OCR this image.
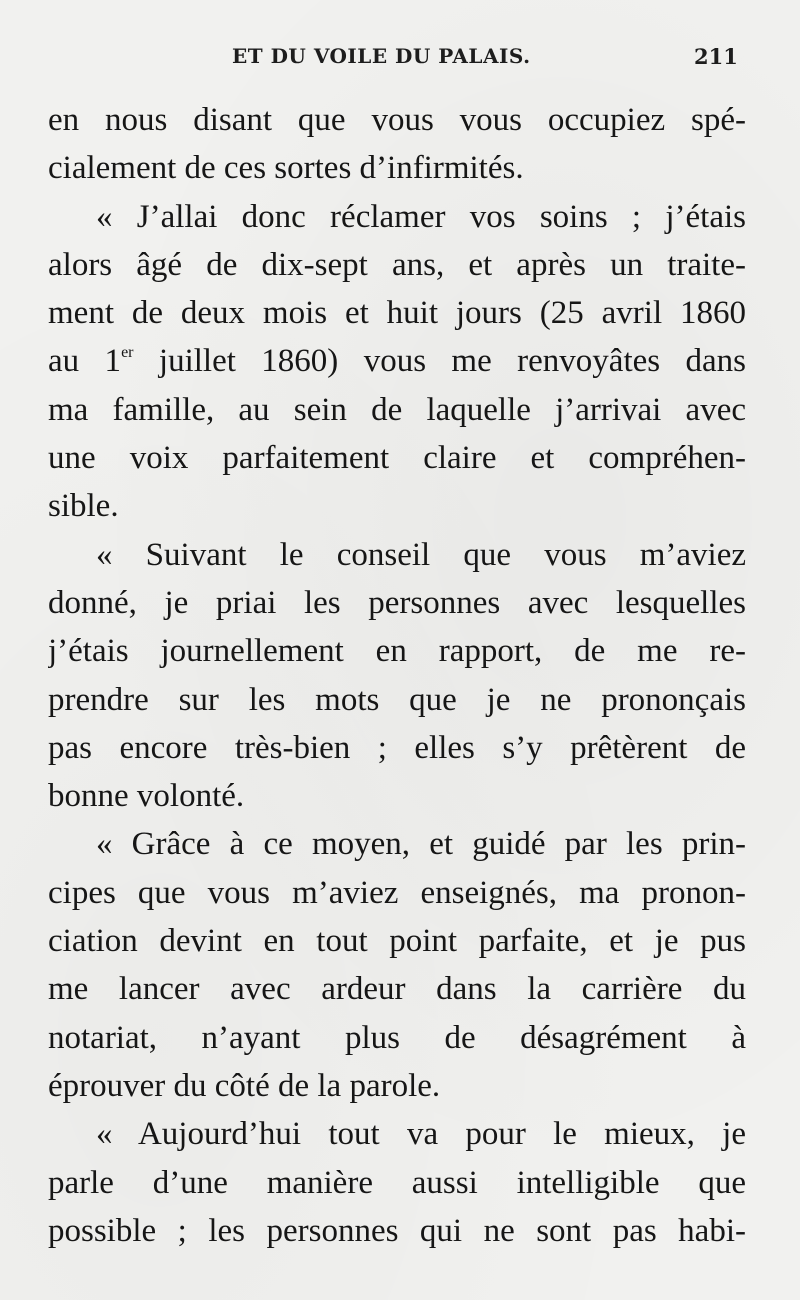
ET DU VOILE DU PALAIS.	211
en nous disant que vous vous occupiez spé-
cialement de ces sortes d’infirmités.
« J’allai donc réclamer vos soins ; j’étais
alors âgé de dix-sept ans, et après un traite-
ment de deux mois et huit jours (25 avril 1860
au 1er juillet 1860) vous me renvoyâtes dans
ma famille, au sein de laquelle j’arrivai avec
une voix parfaitement claire et compréhen-
sible.
« Suivant le conseil que vous m’aviez
donné, je priai les personnes avec lesquelles
j’étais journellement en rapport, de me re-
prendre sur les mots que je ne prononçais
pas encore très-bien ; elles s’y prêtèrent de
bonne volonté.
« Grâce à ce moyen, et guidé par les prin-
cipes que vous m’aviez enseignés, ma pronon-
ciation devint en tout point parfaite, et je pus
me lancer avec ardeur dans la carrière du
notariat, n’ayant plus de désagrément à
éprouver du côté de la parole.
« Aujourd’hui tout va pour le mieux, je
parle d’une manière aussi intelligible que
possible ; les personnes qui ne sont pas habi-
